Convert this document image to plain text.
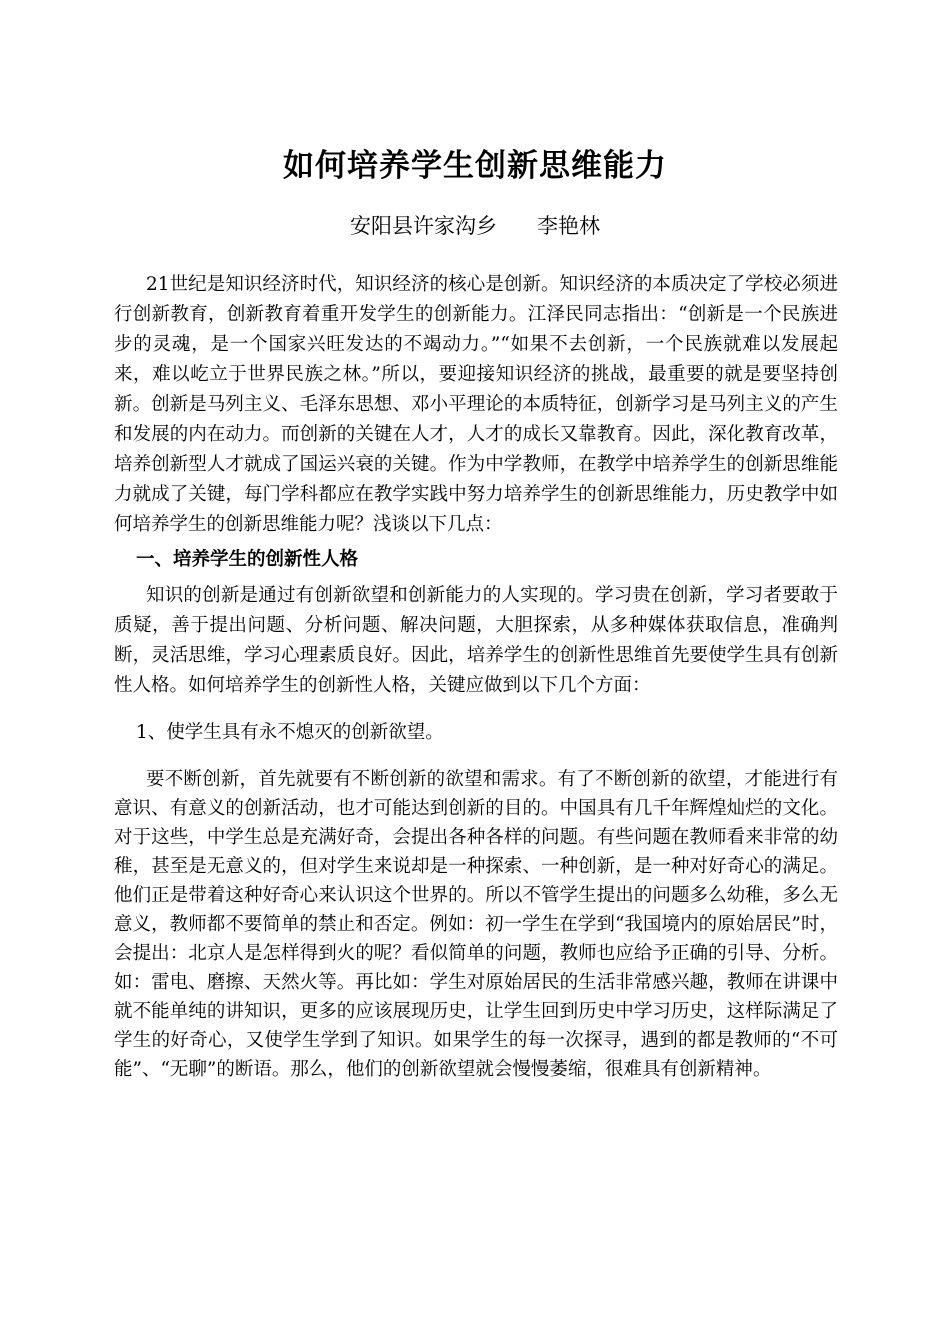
如何培养学生创新思维能力

安阳县许家沟乡      李艳林

21世纪是知识经济时代，知识经济的核心是创新。知识经济的本质决定了学校必须进行创新教育，创新教育着重开发学生的创新能力。江泽民同志指出：“创新是一个民族进步的灵魂，是一个国家兴旺发达的不竭动力。”“如果不去创新，一个民族就难以发展起来，难以屹立于世界民族之林。”所以，要迎接知识经济的挑战，最重要的就是要坚持创新。创新是马列主义、毛泽东思想、邓小平理论的本质特征，创新学习是马列主义的产生和发展的内在动力。而创新的关键在人才，人才的成长又靠教育。因此，深化教育改革，培养创新型人才就成了国运兴衰的关键。作为中学教师，在教学中培养学生的创新思维能力就成了关键，每门学科都应在教学实践中努力培养学生的创新思维能力，历史教学中如何培养学生的创新思维能力呢？浅谈以下几点：

一、培养学生的创新性人格

知识的创新是通过有创新欲望和创新能力的人实现的。学习贵在创新，学习者要敢于质疑，善于提出问题、分析问题、解决问题，大胆探索，从多种媒体获取信息，准确判断，灵活思维，学习心理素质良好。因此，培养学生的创新性思维首先要使学生具有创新性人格。如何培养学生的创新性人格，关键应做到以下几个方面：

1、使学生具有永不熄灭的创新欲望。

要不断创新，首先就要有不断创新的欲望和需求。有了不断创新的欲望，才能进行有意识、有意义的创新活动，也才可能达到创新的目的。中国具有几千年辉煌灿烂的文化。对于这些，中学生总是充满好奇，会提出各种各样的问题。有些问题在教师看来非常的幼稚，甚至是无意义的，但对学生来说却是一种探索、一种创新，是一种对好奇心的满足。他们正是带着这种好奇心来认识这个世界的。所以不管学生提出的问题多么幼稚，多么无意义，教师都不要简单的禁止和否定。例如：初一学生在学到“我国境内的原始居民”时，会提出：北京人是怎样得到火的呢？看似简单的问题，教师也应给予正确的引导、分析。如：雷电、磨擦、天然火等。再比如：学生对原始居民的生活非常感兴趣，教师在讲课中就不能单纯的讲知识，更多的应该展现历史，让学生回到历史中学习历史，这样际满足了学生的好奇心，又使学生学到了知识。如果学生的每一次探寻，遇到的都是教师的“不可能”、“无聊”的断语。那么，他们的创新欲望就会慢慢萎缩，很难具有创新精神。
